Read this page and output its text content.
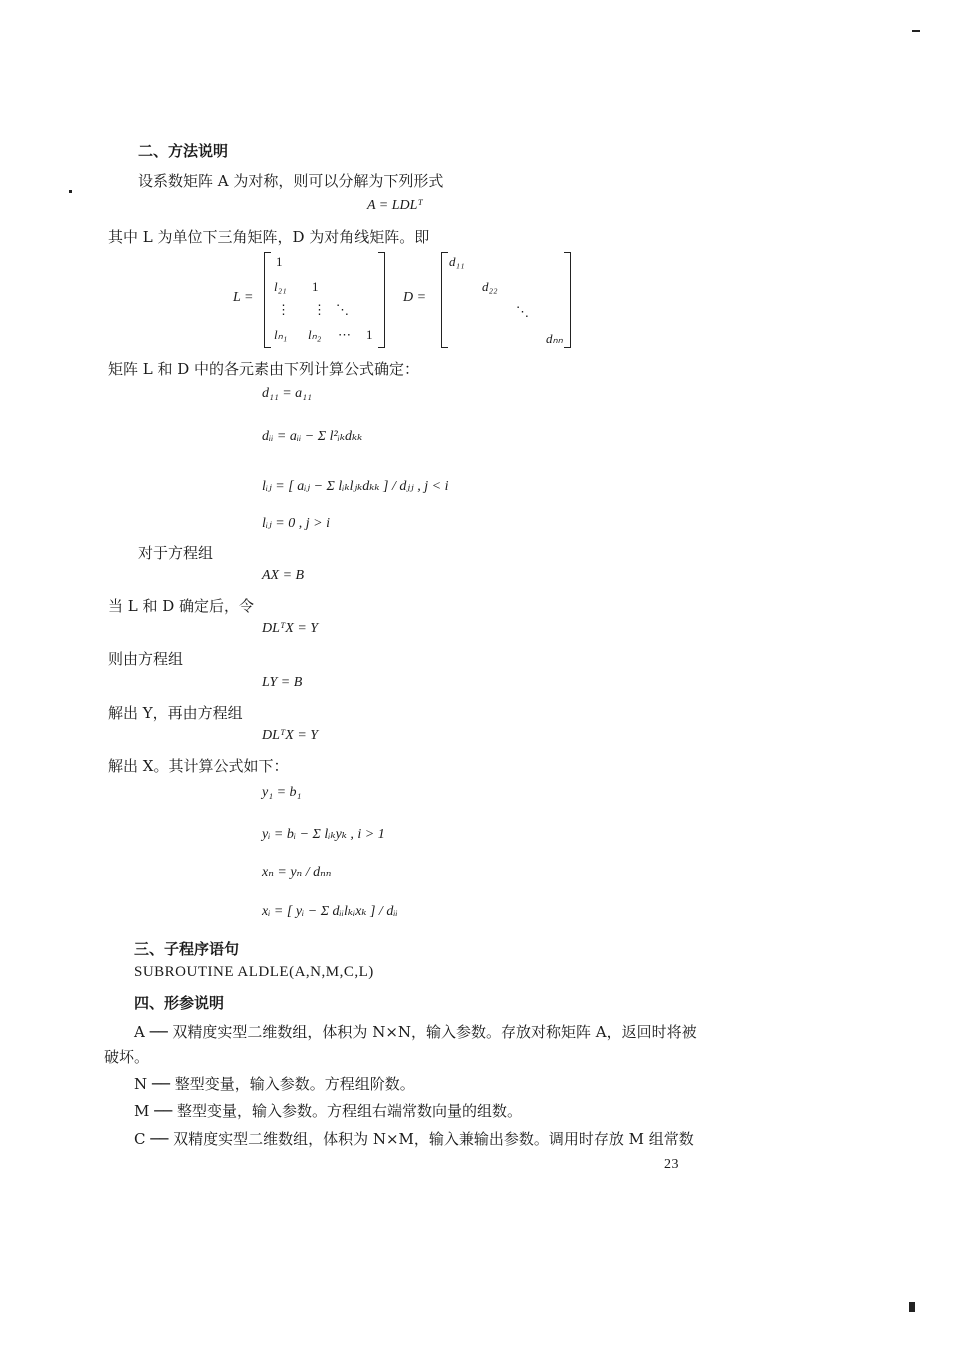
二、方法说明
设系数矩阵 A 为对称，则可以分解为下列形式
A = LDLᵀ
其中 L 为单位下三角矩阵，D 为对角线矩阵。即
L =
1
l₂₁ 1
⋮ ⋮ ⋱
lₙ₁ lₙ₂ ⋯ 1
D =
d₁₁
d₂₂
⋱
dₙₙ
矩阵 L 和 D 中的各元素由下列计算公式确定：
d₁₁ = a₁₁
dᵢᵢ = aᵢᵢ − Σ l²ᵢₖdₖₖ
lᵢⱼ = [ aᵢⱼ − Σ lᵢₖlⱼₖdₖₖ ] / dⱼⱼ , j < i
lᵢⱼ = 0 , j > i
对于方程组
AX = B
当 L 和 D 确定后，令
DLᵀX = Y
则由方程组
LY = B
解出 Y，再由方程组
DLᵀX = Y
解出 X。其计算公式如下：
y₁ = b₁
yᵢ = bᵢ − Σ lᵢₖyₖ , i > 1
xₙ = yₙ / dₙₙ
xᵢ = [ yᵢ − Σ dᵢᵢlₖᵢxₖ ] / dᵢᵢ
三、子程序语句
SUBROUTINE ALDLE(A,N,M,C,L)
四、形参说明
A ── 双精度实型二维数组，体积为 N×N，输入参数。存放对称矩阵 A，返回时将被
破坏。
N ── 整型变量，输入参数。方程组阶数。
M ── 整型变量，输入参数。方程组右端常数向量的组数。
C ── 双精度实型二维数组，体积为 N×M，输入兼输出参数。调用时存放 M 组常数
23
